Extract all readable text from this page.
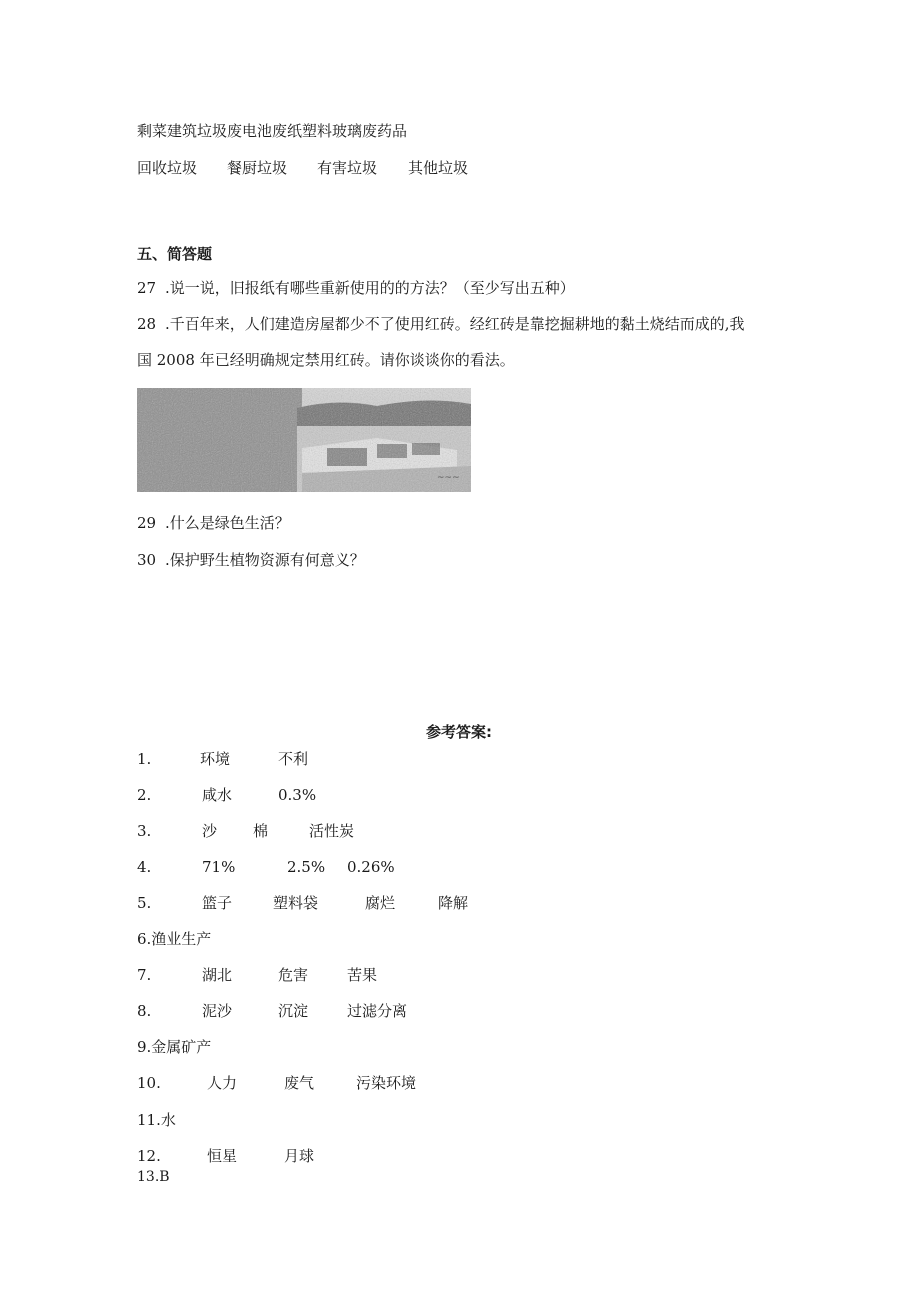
剩菜建筑垃圾废电池废纸塑料玻璃废药品
回收垃圾 餐厨垃圾 有害垃圾 其他垃圾
五、简答题
27 .说一说，旧报纸有哪些重新使用的的方法？（至少写出五种）
28 .千百年来，人们建造房屋都少不了使用红砖。经红砖是靠挖掘耕地的黏土烧结而成的,我
国 2008 年已经明确规定禁用红砖。请你谈谈你的看法。
~~~
29 .什么是绿色生活？
30 .保护野生植物资源有何意义？
参考答案:
1.	环境	不利
2.	咸水	0.3%
3.	沙 棉	活性炭
4.	71%	2.5% 0.26%
5.	篮子	塑料袋	腐烂	降解
6.渔业生产
7.	湖北	危害	苦果
8.	泥沙	沉淀	过滤分离
9.金属矿产
10.	人力	废气	污染环境
11.水
12.	恒星	月球
13.B
